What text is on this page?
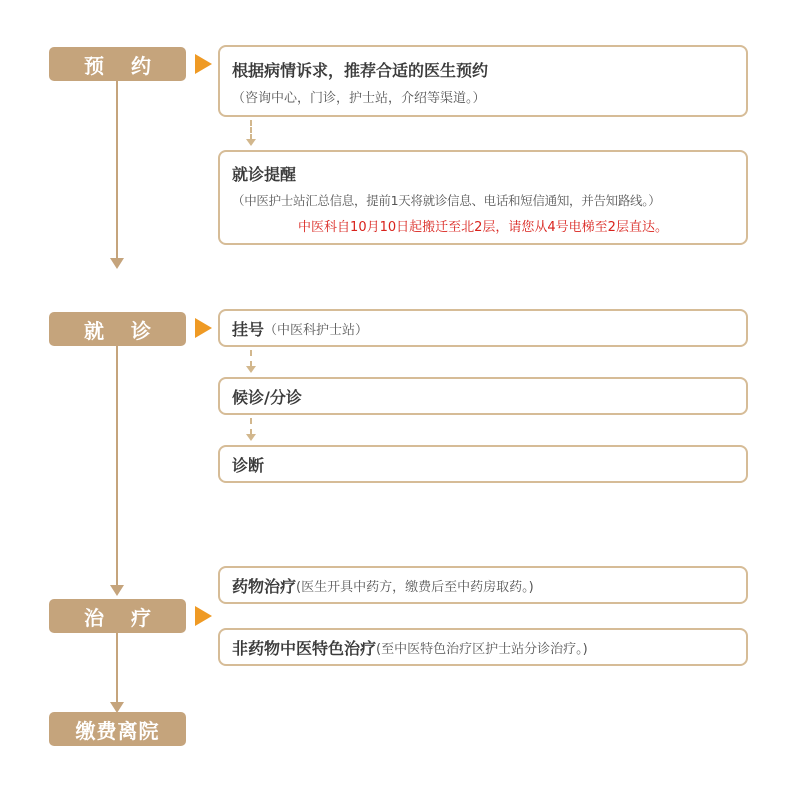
预 约
就 诊
治 疗
缴费离院
根据病情诉求，推荐合适的医生预约
（咨询中心，门诊，护士站，介绍等渠道。）
就诊提醒
（中医护士站汇总信息，提前1天将就诊信息、电话和短信通知，并告知路线。）
中医科自10月10日起搬迁至北2层，请您从4号电梯至2层直达。
挂号 （中医科护士站）
候诊/分诊
诊断
药物治疗 (医生开具中药方，缴费后至中药房取药。)
非药物中医特色治疗 (至中医特色治疗区护士站分诊治疗。)
